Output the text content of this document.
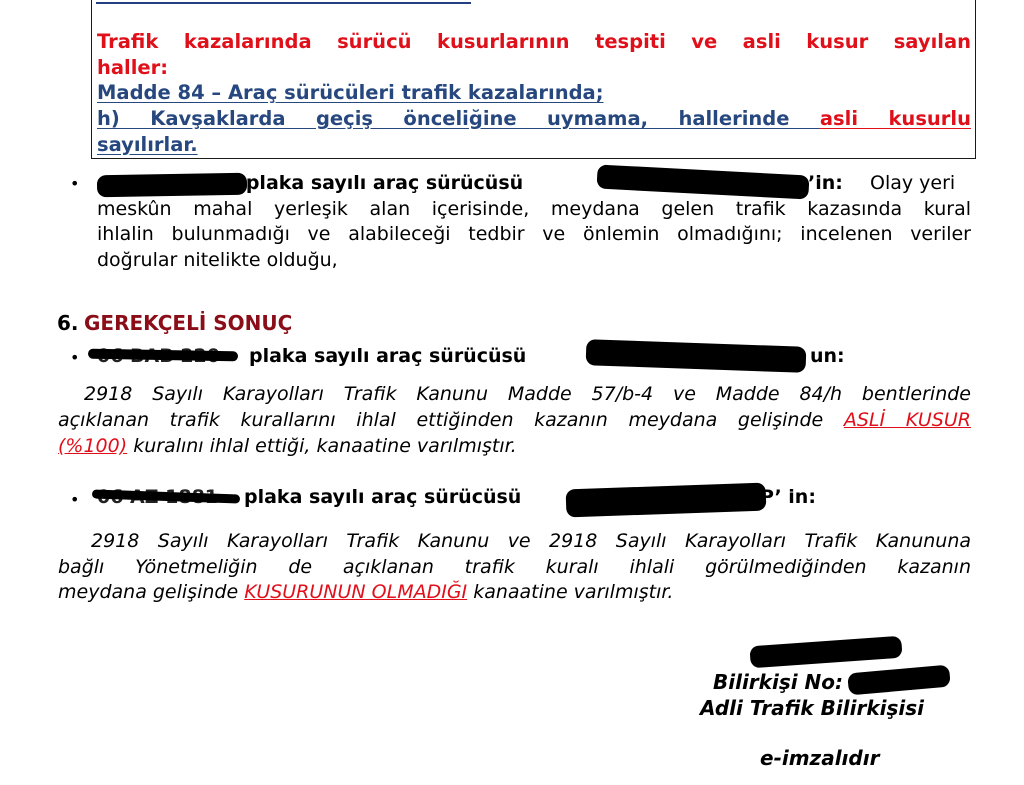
Trafik kazalarında sürücü kusurlarının tespiti ve asli kusur sayılan
haller:
Madde 84 – Araç sürücüleri trafik kazalarında;
h) Kavşaklarda geçiş önceliğine uymama, hallerinde asli kusurlu
sayılırlar.
•	1 plaka sayılı araç sürücüsü	’in: Olay yeri
meskûn mahal yerleşik alan içerisinde, meydana gelen trafik kazasında kural
ihlalin bulunmadığı ve alabileceği tedbir ve önlemin olmadığını; incelenen veriler
doğrular nitelikte olduğu,
6. GEREKÇELİ SONUÇ
•	plaka sayılı araç sürücüsü	un:
2918 Sayılı Karayolları Trafik Kanunu Madde 57/b-4 ve Madde 84/h bentlerinde
açıklanan trafik kurallarını ihlal ettiğinden kazanın meydana gelişinde ASLİ KUSUR
(%100) kuralını ihlal ettiği, kanaatine varılmıştır.
•	plaka sayılı araç sürücüsü	P’ in:
2918 Sayılı Karayolları Trafik Kanunu ve 2918 Sayılı Karayolları Trafik Kanununa
bağlı Yönetmeliğin de açıklanan trafik kuralı ihlali görülmediğinden kazanın
meydana gelişinde KUSURUNUN OLMADIĞI kanaatine varılmıştır.
Bilirkişi No:
Adli Trafik Bilirkişisi
e-imzalıdır
